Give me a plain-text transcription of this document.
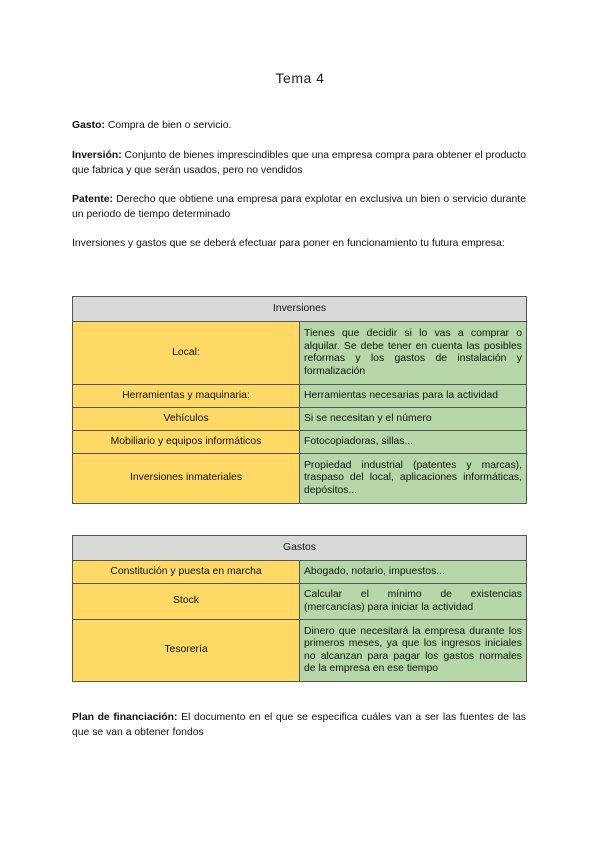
Tema 4
Gasto: Compra de bien o servicio.
Inversión: Conjunto de bienes imprescindibles que una empresa compra para obtener el producto que fabrica y que serán usados, pero no vendidos
Patente: Derecho que obtiene una empresa para explotar en exclusiva un bien o servicio durante un periodo de tiempo determinado
Inversiones y gastos que se deberá efectuar para poner en funcionamiento tu futura empresa:
Inversiones	
Local:	Tienes que decidir si lo vas a comprar o alquilar. Se debe tener en cuenta las posibles reformas y los gastos de instalación y formalización
Herramientas y maquinaria:	Herramientas necesarias para la actividad
Vehículos	Si se necesitan y el número
Mobiliario y equipos informáticos	Fotocopiadoras, sillas...
Inversiones inmateriales	Propiedad industrial (patentes y marcas), traspaso del local, aplicaciones informáticas, depósitos...
Gastos	
Constitución y puesta en marcha	Abogado, notario, impuestos...
Stock	Calcular el mínimo de existencias (mercancías) para iniciar la actividad
Tesorería	Dinero que necesitará la empresa durante los primeros meses, ya que los ingresos iniciales no alcanzan para pagar los gastos normales de la empresa en ese tiempo
Plan de financiación: El documento en el que se especifica cuáles van a ser las fuentes de las que se van a obtener fondos
